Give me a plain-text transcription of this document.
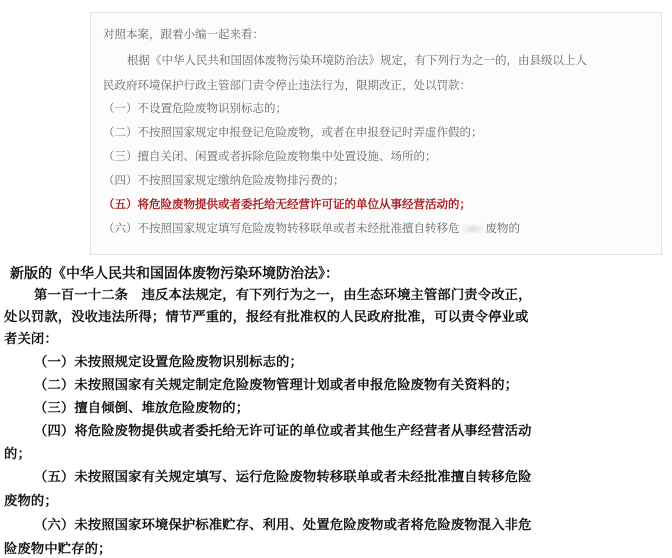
对照本案，跟着小编一起来看：
根据《中华人民共和国固体废物污染环境防治法》规定，有下列行为之一的，由县级以上人
民政府环境保护行政主管部门责令停止违法行为，限期改正，处以罚款：
（一）不设置危险废物识别标志的；
（二）不按照国家规定申报登记危险废物，或者在申报登记时弄虚作假的；
（三）擅自关闭、闲置或者拆除危险废物集中处置设施、场所的；
（四）不按照国家规定缴纳危险废物排污费的；
（五）将危险废物提供或者委托给无经营许可证的单位从事经营活动的；
（六）不按照国家规定填写危险废物转移联单或者未经批准擅自转移危 废物的
新版的《中华人民共和国固体废物污染环境防治法》：
第一百一十二条　违反本法规定，有下列行为之一，由生态环境主管部门责令改正，
处以罚款，没收违法所得；情节严重的，报经有批准权的人民政府批准，可以责令停业或
者关闭：
（一）未按照规定设置危险废物识别标志的；
（二）未按照国家有关规定制定危险废物管理计划或者申报危险废物有关资料的；
（三）擅自倾倒、堆放危险废物的；
（四）将危险废物提供或者委托给无许可证的单位或者其他生产经营者从事经营活动
的；
（五）未按照国家有关规定填写、运行危险废物转移联单或者未经批准擅自转移危险
废物的；
（六）未按照国家环境保护标准贮存、利用、处置危险废物或者将危险废物混入非危
险废物中贮存的；
